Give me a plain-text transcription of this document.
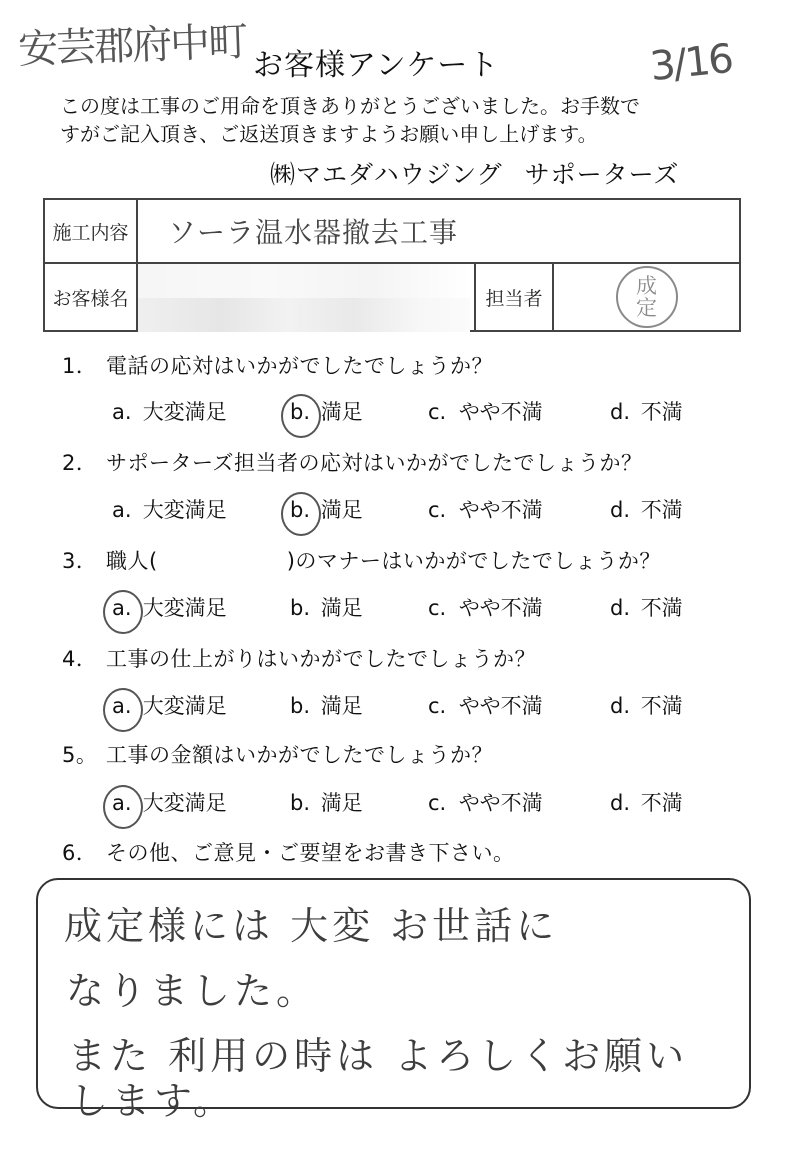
安芸郡府中町	3/16
お客様アンケート
この度は工事のご用命を頂きありがとうございました。お手数で
すがご記入頂き、ご返送頂きますようお願い申し上げます。
㈱マエダハウジング サポーターズ
施工内容	ソーラ温水器撤去工事			
お客様名			担当者	成
定
1． 電話の応対はいかがでしたでしょうか？
a. 大変満足	b. 満足	c. やや不満	d. 不満
2． サポーターズ担当者の応対はいかがでしたでしょうか？
a. 大変満足	b. 満足	c. やや不満	d. 不満
3． 職人(　　　　　　)のマナーはいかがでしたでしょうか？
a. 大変満足	b. 満足	c. やや不満	d. 不満
4． 工事の仕上がりはいかがでしたでしょうか？
a. 大変満足	b. 満足	c. やや不満	d. 不満
5。 工事の金額はいかがでしたでしょうか？
a. 大変満足	b. 満足	c. やや不満	d. 不満
6． その他、ご意見・ご要望をお書き下さい。
成定様には 大変 お世話に
なりました。
また 利用の時は よろしくお願い
します。
